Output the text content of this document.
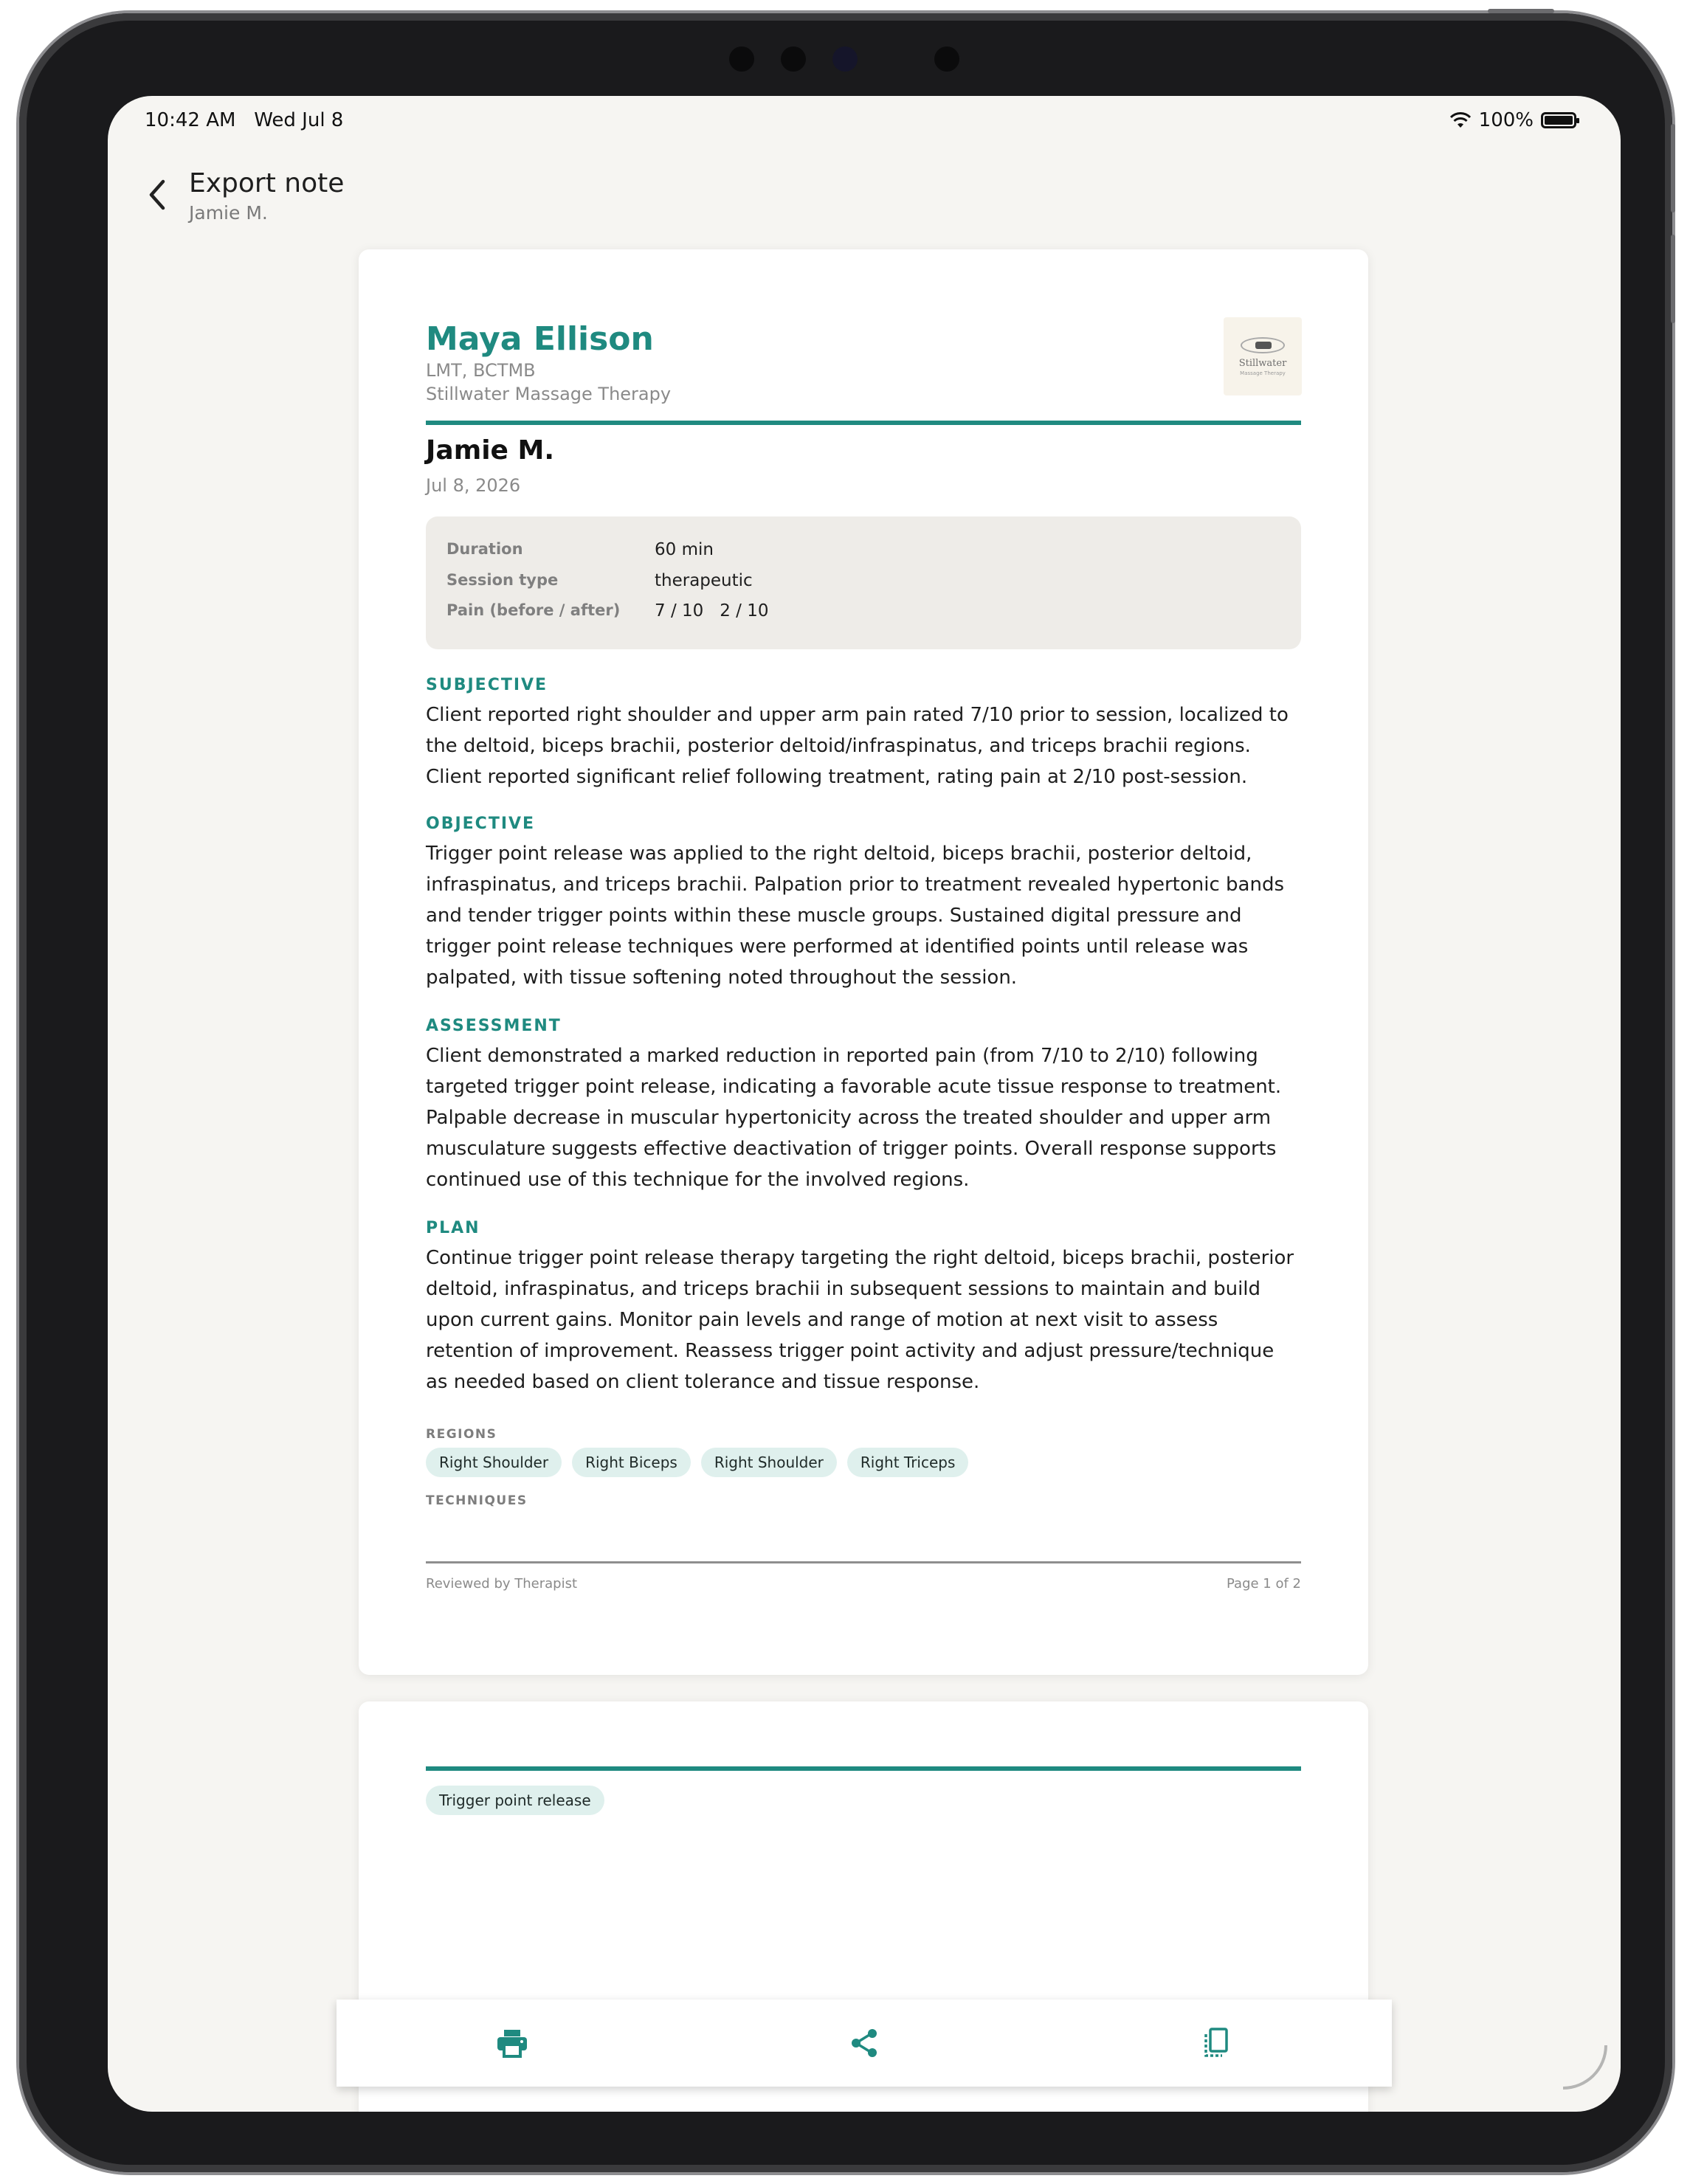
10:42 AM Wed Jul 8	100%
Export note
Jamie M.
Maya Ellison
LMT, BCTMB
Stillwater Massage Therapy
Stillwater
Massage Therapy
Jamie M.
Jul 8, 2026
Duration	60 min
Session type	therapeutic
Pain (before / after) 7 / 10   2 / 10
SUBJECTIVE
Client reported right shoulder and upper arm pain rated 7/10 prior to session, localized to the deltoid, biceps brachii, posterior deltoid/infraspinatus, and triceps brachii regions. Client reported significant relief following treatment, rating pain at 2/10 post-session.
OBJECTIVE
Trigger point release was applied to the right deltoid, biceps brachii, posterior deltoid, infraspinatus, and triceps brachii. Palpation prior to treatment revealed hypertonic bands and tender trigger points within these muscle groups. Sustained digital pressure and trigger point release techniques were performed at identified points until release was palpated, with tissue softening noted throughout the session.
ASSESSMENT
Client demonstrated a marked reduction in reported pain (from 7/10 to 2/10) following targeted trigger point release, indicating a favorable acute tissue response to treatment. Palpable decrease in muscular hypertonicity across the treated shoulder and upper arm musculature suggests effective deactivation of trigger points. Overall response supports continued use of this technique for the involved regions.
PLAN
Continue trigger point release therapy targeting the right deltoid, biceps brachii, posterior deltoid, infraspinatus, and triceps brachii in subsequent sessions to maintain and build upon current gains. Monitor pain levels and range of motion at next visit to assess retention of improvement. Reassess trigger point activity and adjust pressure/technique as needed based on client tolerance and tissue response.
REGIONS
Right Shoulder	Right Biceps	Right Shoulder	Right Triceps
TECHNIQUES
Reviewed by Therapist	Page 1 of 2
Trigger point release
